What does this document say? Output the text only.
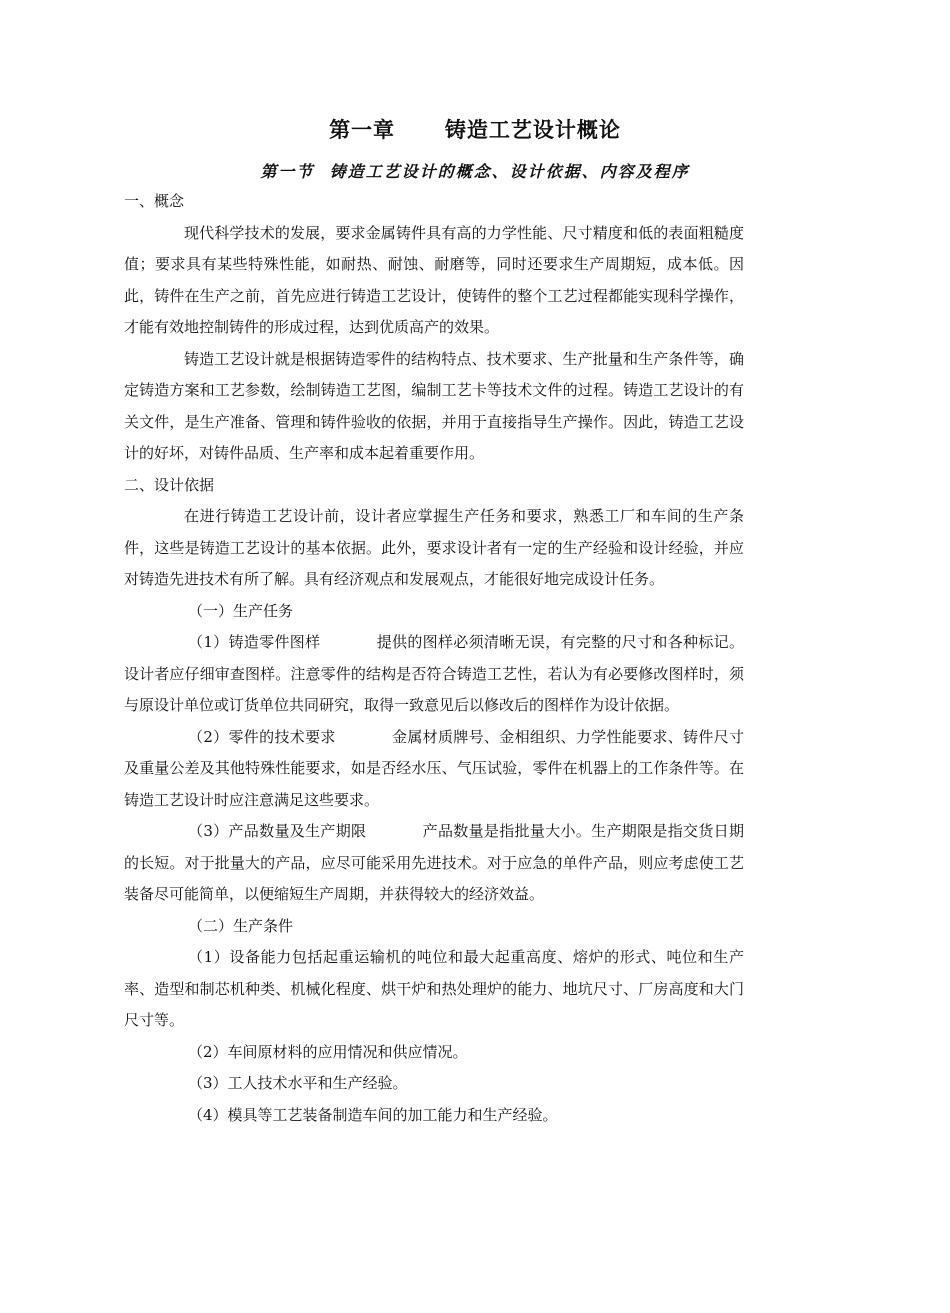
第一章      铸造工艺设计概论
第一节  铸造工艺设计的概念、设计依据、内容及程序

一、概念

现代科学技术的发展，要求金属铸件具有高的力学性能、尺寸精度和低的表面粗糙度值；要求具有某些特殊性能，如耐热、耐蚀、耐磨等，同时还要求生产周期短，成本低。因此，铸件在生产之前，首先应进行铸造工艺设计，使铸件的整个工艺过程都能实现科学操作，才能有效地控制铸件的形成过程，达到优质高产的效果。

铸造工艺设计就是根据铸造零件的结构特点、技术要求、生产批量和生产条件等，确定铸造方案和工艺参数，绘制铸造工艺图，编制工艺卡等技术文件的过程。铸造工艺设计的有关文件，是生产准备、管理和铸件验收的依据，并用于直接指导生产操作。因此，铸造工艺设计的好坏，对铸件品质、生产率和成本起着重要作用。

二、设计依据

在进行铸造工艺设计前，设计者应掌握生产任务和要求，熟悉工厂和车间的生产条件，这些是铸造工艺设计的基本依据。此外，要求设计者有一定的生产经验和设计经验，并应对铸造先进技术有所了解。具有经济观点和发展观点，才能很好地完成设计任务。

（一）生产任务

（1）铸造零件图样	提供的图样必须清晰无误，有完整的尺寸和各种标记。设计者应仔细审查图样。注意零件的结构是否符合铸造工艺性，若认为有必要修改图样时，须与原设计单位或订货单位共同研究，取得一致意见后以修改后的图样作为设计依据。

（2）零件的技术要求	金属材质牌号、金相组织、力学性能要求、铸件尺寸及重量公差及其他特殊性能要求，如是否经水压、气压试验，零件在机器上的工作条件等。在铸造工艺设计时应注意满足这些要求。

（3）产品数量及生产期限	产品数量是指批量大小。生产期限是指交货日期的长短。对于批量大的产品，应尽可能采用先进技术。对于应急的单件产品，则应考虑使工艺装备尽可能简单，以便缩短生产周期，并获得较大的经济效益。

（二）生产条件

（1）设备能力包括起重运输机的吨位和最大起重高度、熔炉的形式、吨位和生产率、造型和制芯机种类、机械化程度、烘干炉和热处理炉的能力、地坑尺寸、厂房高度和大门尺寸等。

（2）车间原材料的应用情况和供应情况。

（3）工人技术水平和生产经验。

（4）模具等工艺装备制造车间的加工能力和生产经验。
